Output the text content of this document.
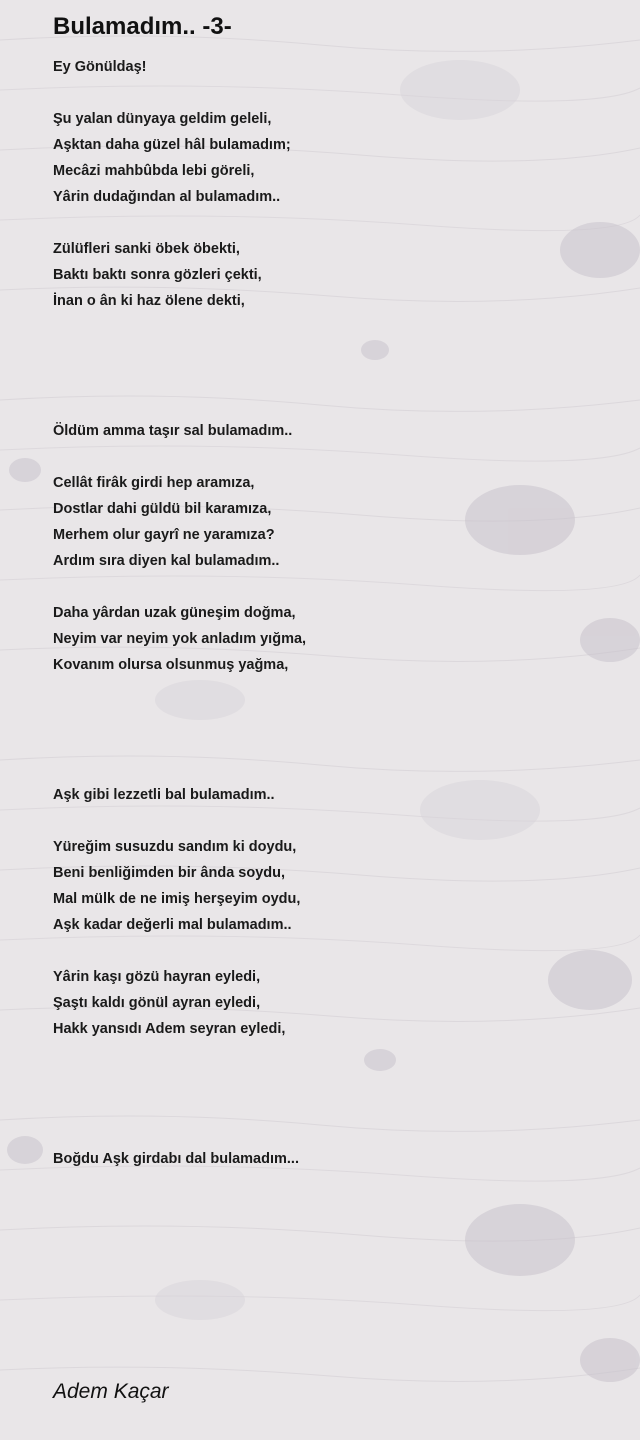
Bulamadım.. -3-
Ey Gönüldaş!

Şu yalan dünyaya geldim geleli,
Aşktan daha güzel hâl bulamadım;
Mecâzi mahbûbda lebi göreli,
Yârin dudağından al bulamadım..

Zülüfleri sanki öbek öbekti,
Baktı baktı sonra gözleri çekti,
İnan o ân ki haz ölene dekti,

Öldüm amma taşır sal bulamadım..

Cellât firâk girdi hep aramıza,
Dostlar dahi güldü bil karamıza,
Merhem olur gayrî ne yaramıza?
Ardım sıra diyen kal bulamadım..

Daha yârdan uzak güneşim doğma,
Neyim var neyim yok anladım yığma,
Kovanım olursa olsunmuş yağma,

Aşk gibi lezzetli bal bulamadım..

Yüreğim susuzdu sandım ki doydu,
Beni benliğimden bir ânda soydu,
Mal mülk de ne imiş herşeyim oydu,
Aşk kadar değerli mal bulamadım..

Yârin kaşı gözü hayran eyledi,
Şaştı kaldı gönül ayran eyledi,
Hakk yansıdı Adem seyran eyledi,

Boğdu Aşk girdabı dal bulamadım...
Adem Kaçar
